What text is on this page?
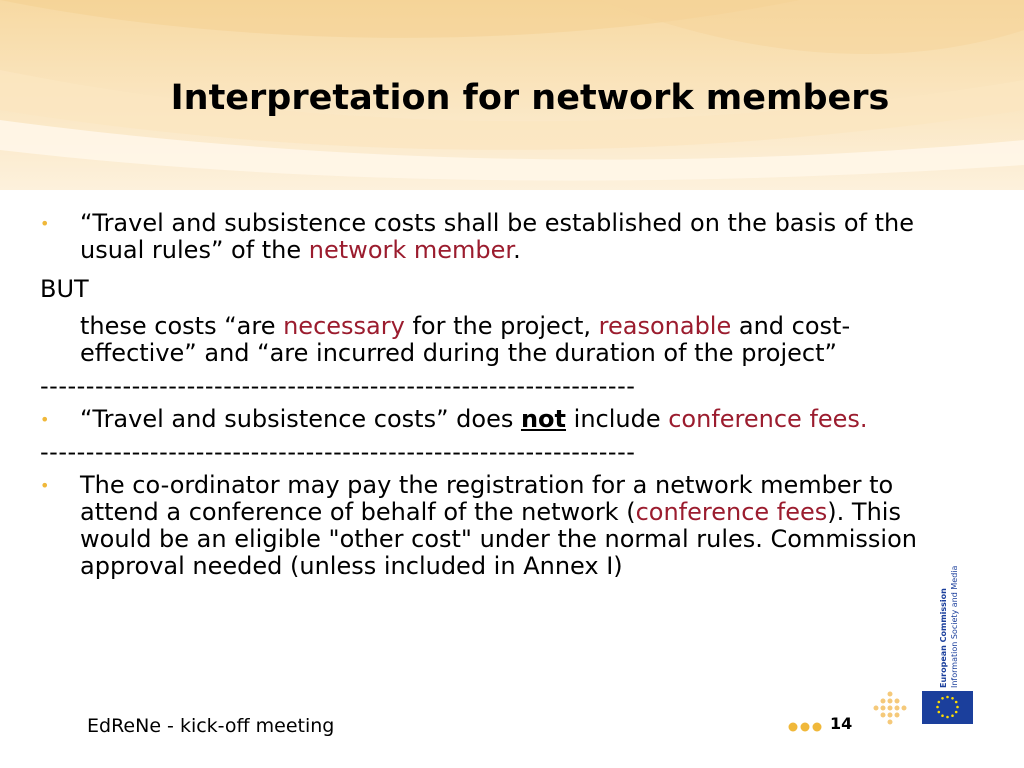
Interpretation for network members

•	“Travel and subsistence costs shall be established on the basis of the usual rules” of the network member.

BUT

these costs “are necessary for the project, reasonable and cost-effective” and “are incurred during the duration of the project”

-----------------------------------------------------------------

•	“Travel and subsistence costs” does not include conference fees.

-----------------------------------------------------------------

•	The co-ordinator may pay the registration for a network member to attend a conference of behalf of the network (conference fees). This would be an eligible "other cost" under the normal rules. Commission approval needed (unless included in Annex I)

European Commission Information Society and Media
EdReNe - kick-off meeting	14
